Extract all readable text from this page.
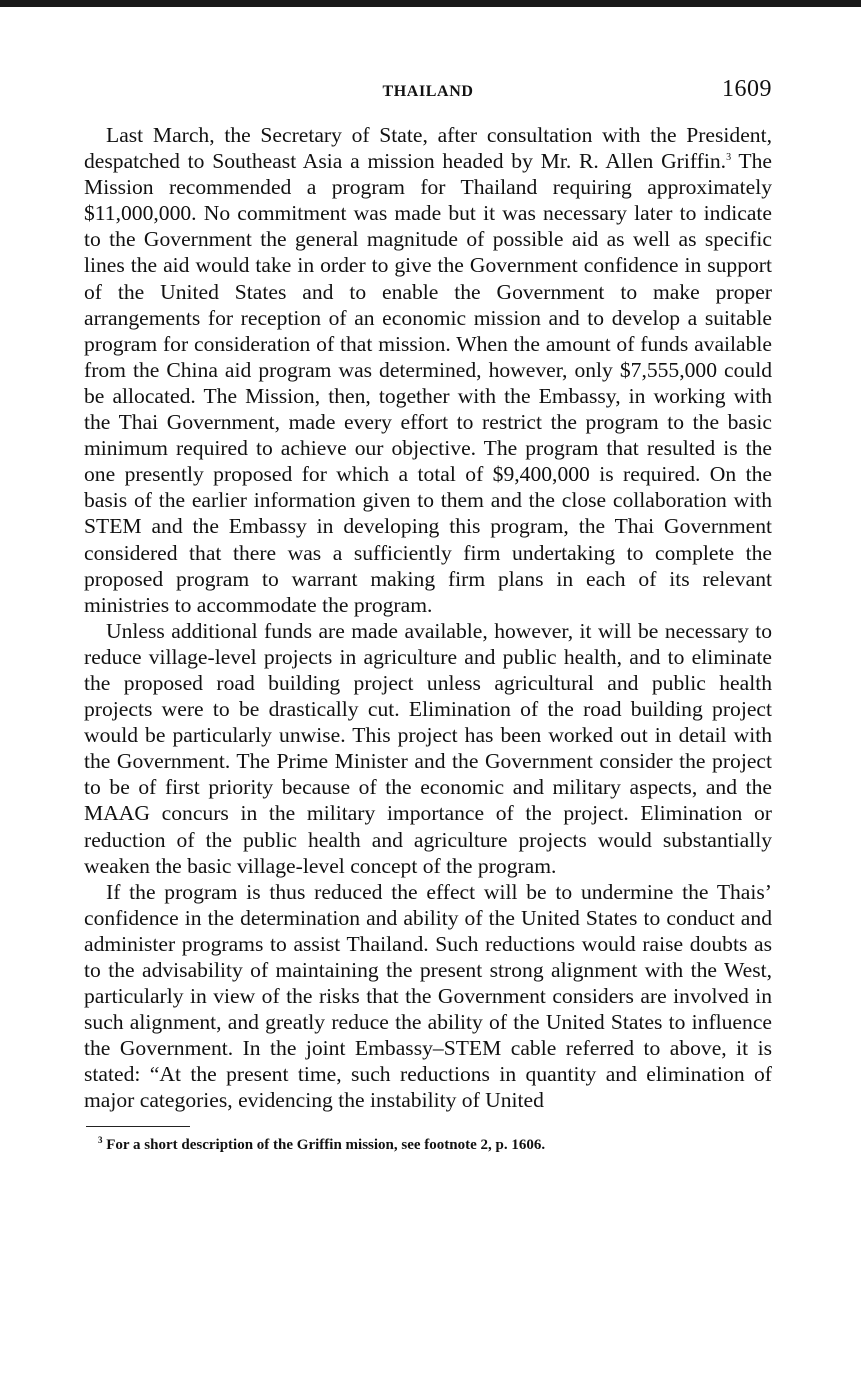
THAILAND	1609

Last March, the Secretary of State, after consultation with the President, despatched to Southeast Asia a mission headed by Mr. R. Allen Griffin.$^3$ The Mission recommended a program for Thailand requiring approximately $11,000,000. No commitment was made but it was necessary later to indicate to the Government the general magnitude of possible aid as well as specific lines the aid would take in order to give the Government confidence in support of the United States and to enable the Government to make proper arrangements for reception of an economic mission and to develop a suitable program for consideration of that mission. When the amount of funds available from the China aid program was determined, however, only $7,555,000 could be allocated. The Mission, then, together with the Embassy, in working with the Thai Government, made every effort to restrict the program to the basic minimum required to achieve our objective. The program that resulted is the one presently proposed for which a total of $9,400,000 is required. On the basis of the earlier information given to them and the close collaboration with STEM and the Embassy in developing this program, the Thai Government considered that there was a sufficiently firm undertaking to complete the proposed program to warrant making firm plans in each of its relevant ministries to accommodate the program.

Unless additional funds are made available, however, it will be necessary to reduce village-level projects in agriculture and public health, and to eliminate the proposed road building project unless agricultural and public health projects were to be drastically cut. Elimination of the road building project would be particularly unwise. This project has been worked out in detail with the Government. The Prime Minister and the Government consider the project to be of first priority because of the economic and military aspects, and the MAAG concurs in the military importance of the project. Elimination or reduction of the public health and agriculture projects would substantially weaken the basic village-level concept of the program.

If the program is thus reduced the effect will be to undermine the Thais’ confidence in the determination and ability of the United States to conduct and administer programs to assist Thailand. Such reductions would raise doubts as to the advisability of maintaining the present strong alignment with the West, particularly in view of the risks that the Government considers are involved in such alignment, and greatly reduce the ability of the United States to influence the Government. In the joint Embassy–STEM cable referred to above, it is stated: “At the present time, such reductions in quantity and elimination of major categories, evidencing the instability of United

$^3$ For a short description of the Griffin mission, see footnote 2, p. 1606.
